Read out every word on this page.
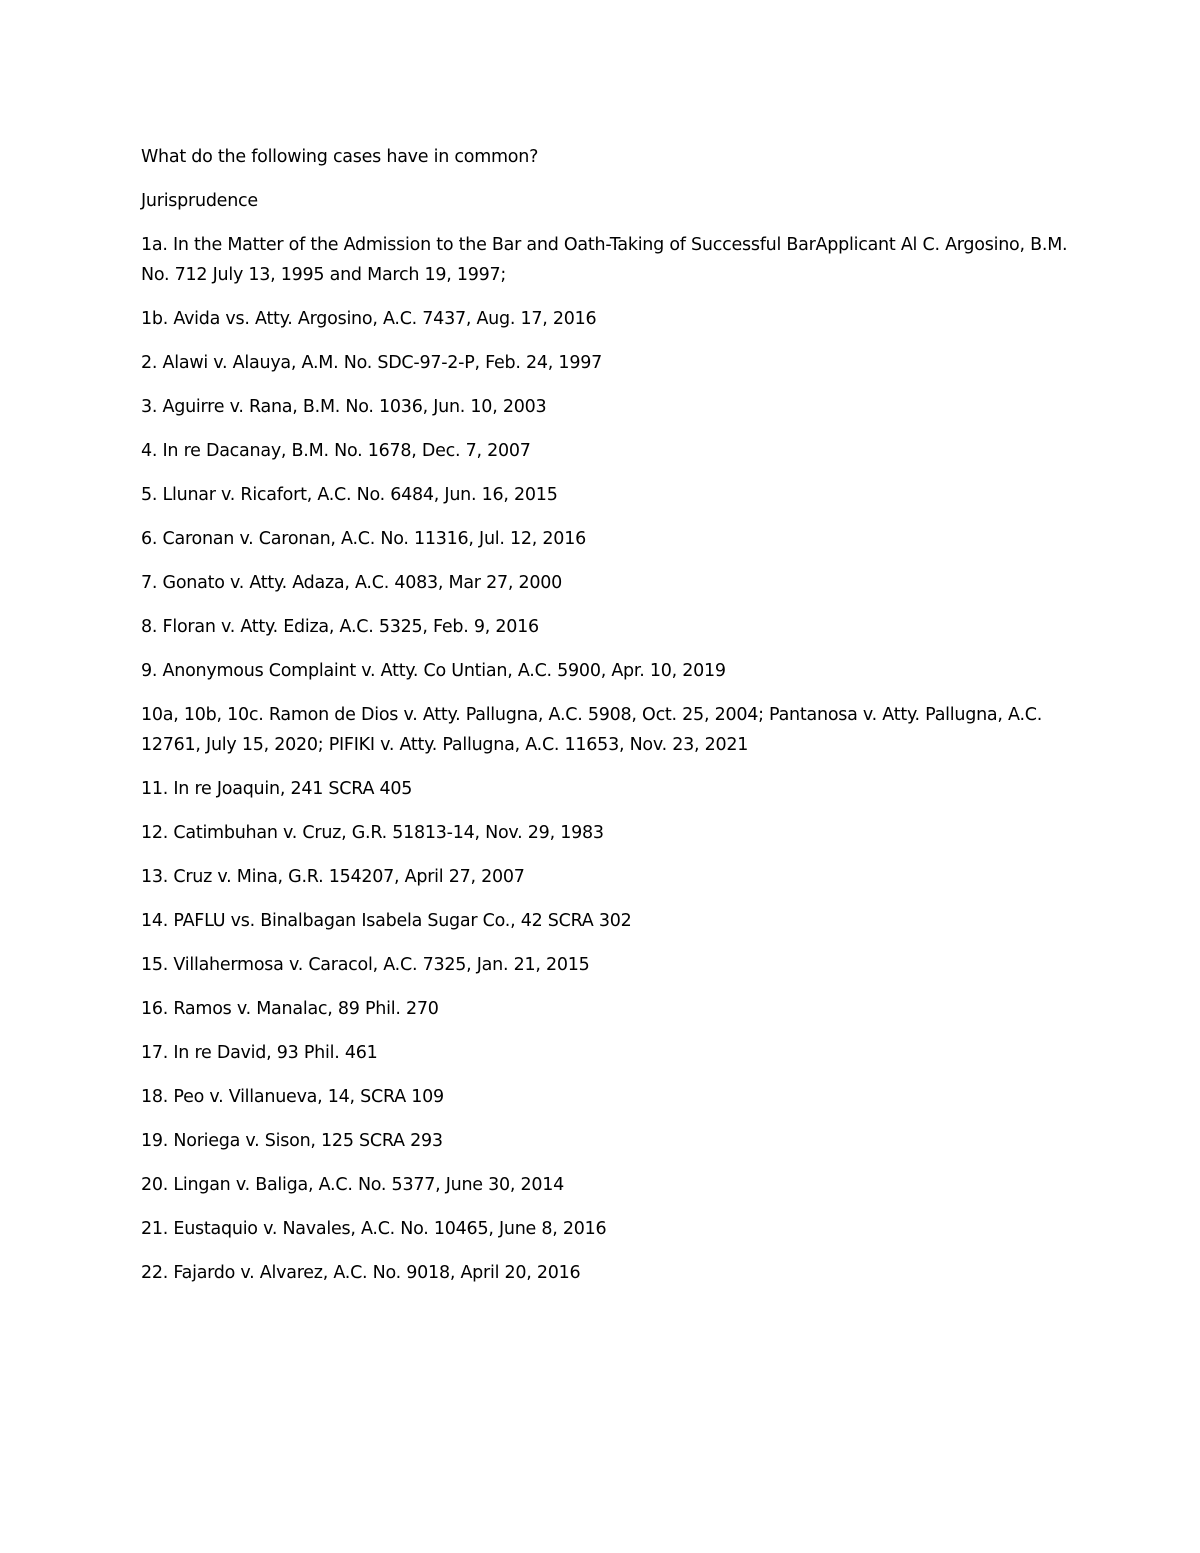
What do the following cases have in common?

Jurisprudence

1a. In the Matter of the Admission to the Bar and Oath-Taking of Successful BarApplicant Al C. Argosino, B.M. No. 712 July 13, 1995 and March 19, 1997;

1b. Avida vs. Atty. Argosino, A.C. 7437, Aug. 17, 2016

2. Alawi v. Alauya, A.M. No. SDC-97-2-P, Feb. 24, 1997

3. Aguirre v. Rana, B.M. No. 1036, Jun. 10, 2003

4. In re Dacanay, B.M. No. 1678, Dec. 7, 2007

5. Llunar v. Ricafort, A.C. No. 6484, Jun. 16, 2015

6. Caronan v. Caronan, A.C. No. 11316, Jul. 12, 2016

7. Gonato v. Atty. Adaza, A.C. 4083, Mar 27, 2000

8. Floran v. Atty. Ediza, A.C. 5325, Feb. 9, 2016

9. Anonymous Complaint v. Atty. Co Untian, A.C. 5900, Apr. 10, 2019

10a, 10b, 10c. Ramon de Dios v. Atty. Pallugna, A.C. 5908, Oct. 25, 2004; Pantanosa v. Atty. Pallugna, A.C. 12761, July 15, 2020; PIFIKI v. Atty. Pallugna, A.C. 11653, Nov. 23, 2021

11. In re Joaquin, 241 SCRA 405

12. Catimbuhan v. Cruz, G.R. 51813-14, Nov. 29, 1983

13. Cruz v. Mina, G.R. 154207, April 27, 2007

14. PAFLU vs. Binalbagan Isabela Sugar Co., 42 SCRA 302

15. Villahermosa v. Caracol, A.C. 7325, Jan. 21, 2015

16. Ramos v. Manalac, 89 Phil. 270

17. In re David, 93 Phil. 461

18. Peo v. Villanueva, 14, SCRA 109

19. Noriega v. Sison, 125 SCRA 293

20. Lingan v. Baliga, A.C. No. 5377, June 30, 2014

21. Eustaquio v. Navales, A.C. No. 10465, June 8, 2016

22. Fajardo v. Alvarez, A.C. No. 9018, April 20, 2016
